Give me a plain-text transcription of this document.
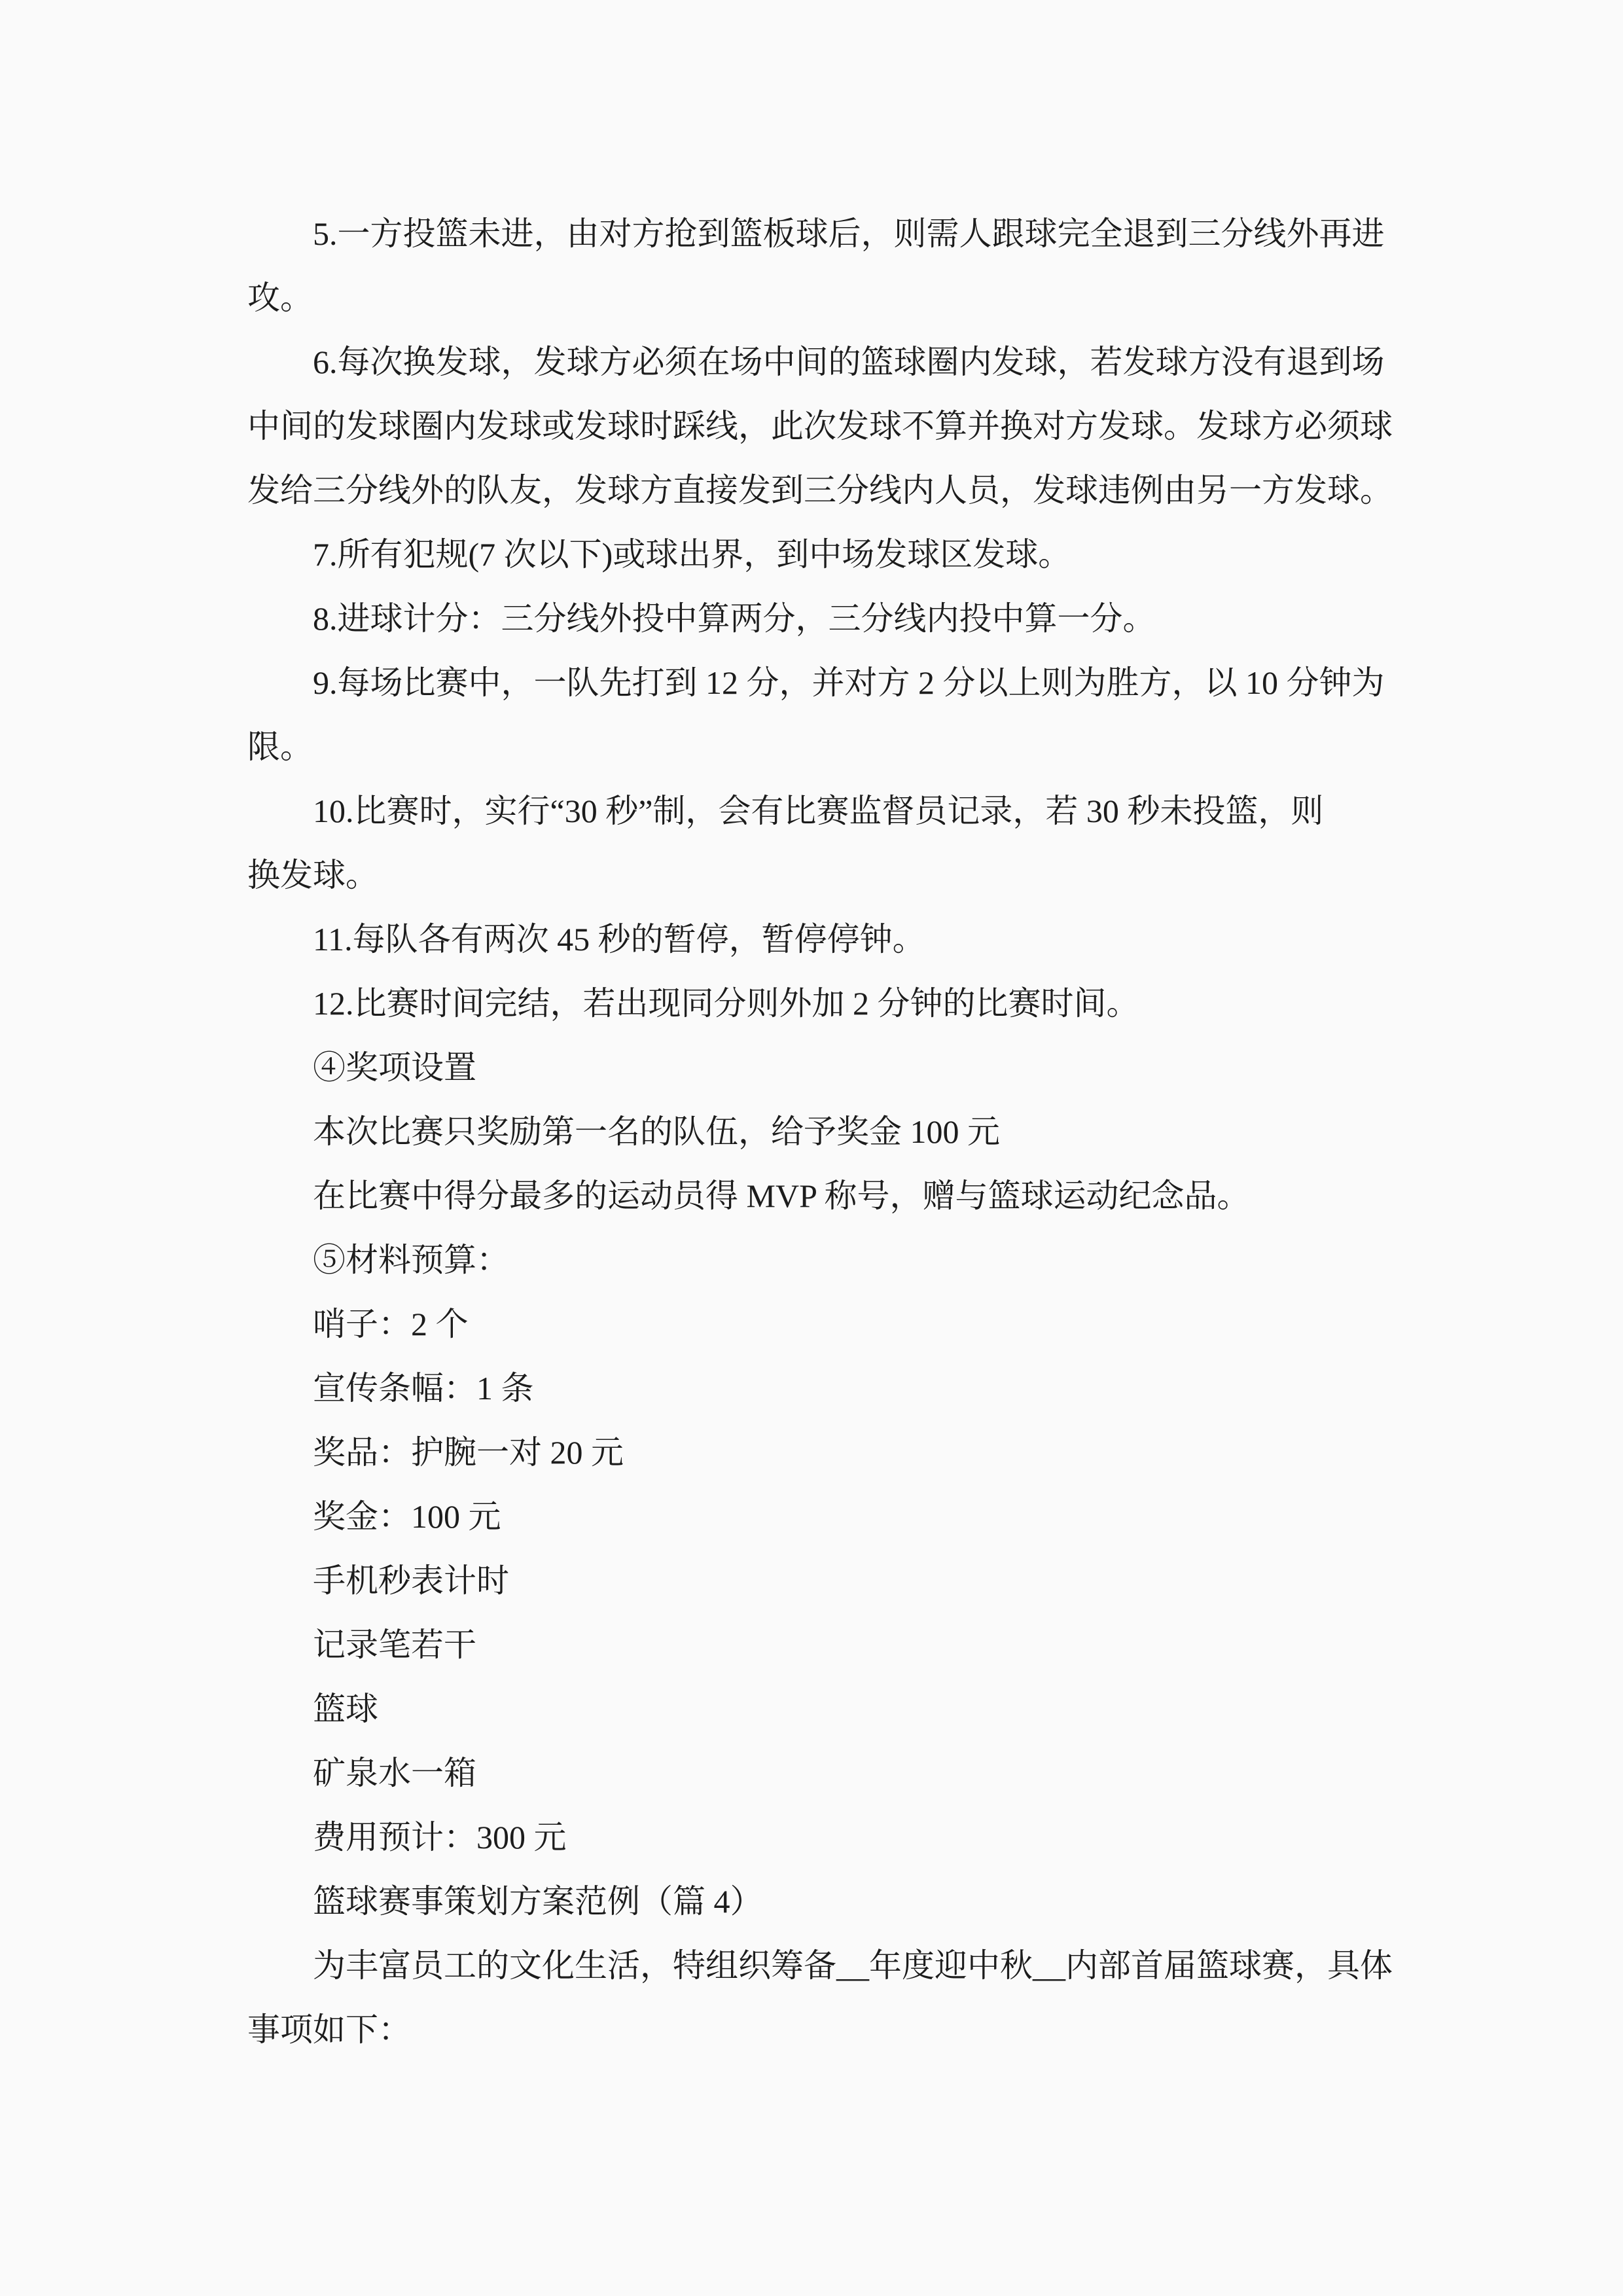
5.一方投篮未进，由对方抢到篮板球后，则需人跟球完全退到三分线外再进
攻。
6.每次换发球，发球方必须在场中间的篮球圈内发球，若发球方没有退到场
中间的发球圈内发球或发球时踩线，此次发球不算并换对方发球。发球方必须球
发给三分线外的队友，发球方直接发到三分线内人员，发球违例由另一方发球。
7.所有犯规(7 次以下)或球出界，到中场发球区发球。
8.进球计分：三分线外投中算两分，三分线内投中算一分。
9.每场比赛中，一队先打到 12 分，并对方 2 分以上则为胜方，以 10 分钟为
限。
10.比赛时，实行“30 秒”制，会有比赛监督员记录，若 30 秒未投篮，则
换发球。
11.每队各有两次 45 秒的暂停，暂停停钟。
12.比赛时间完结，若出现同分则外加 2 分钟的比赛时间。
④奖项设置
本次比赛只奖励第一名的队伍，给予奖金 100 元
在比赛中得分最多的运动员得 MVP 称号，赠与篮球运动纪念品。
⑤材料预算：
哨子：2 个
宣传条幅：1 条
奖品：护腕一对 20 元
奖金：100 元
手机秒表计时
记录笔若干
篮球
矿泉水一箱
费用预计：300 元
篮球赛事策划方案范例（篇 4）
为丰富员工的文化生活，特组织筹备__年度迎中秋__内部首届篮球赛，具体
事项如下：
